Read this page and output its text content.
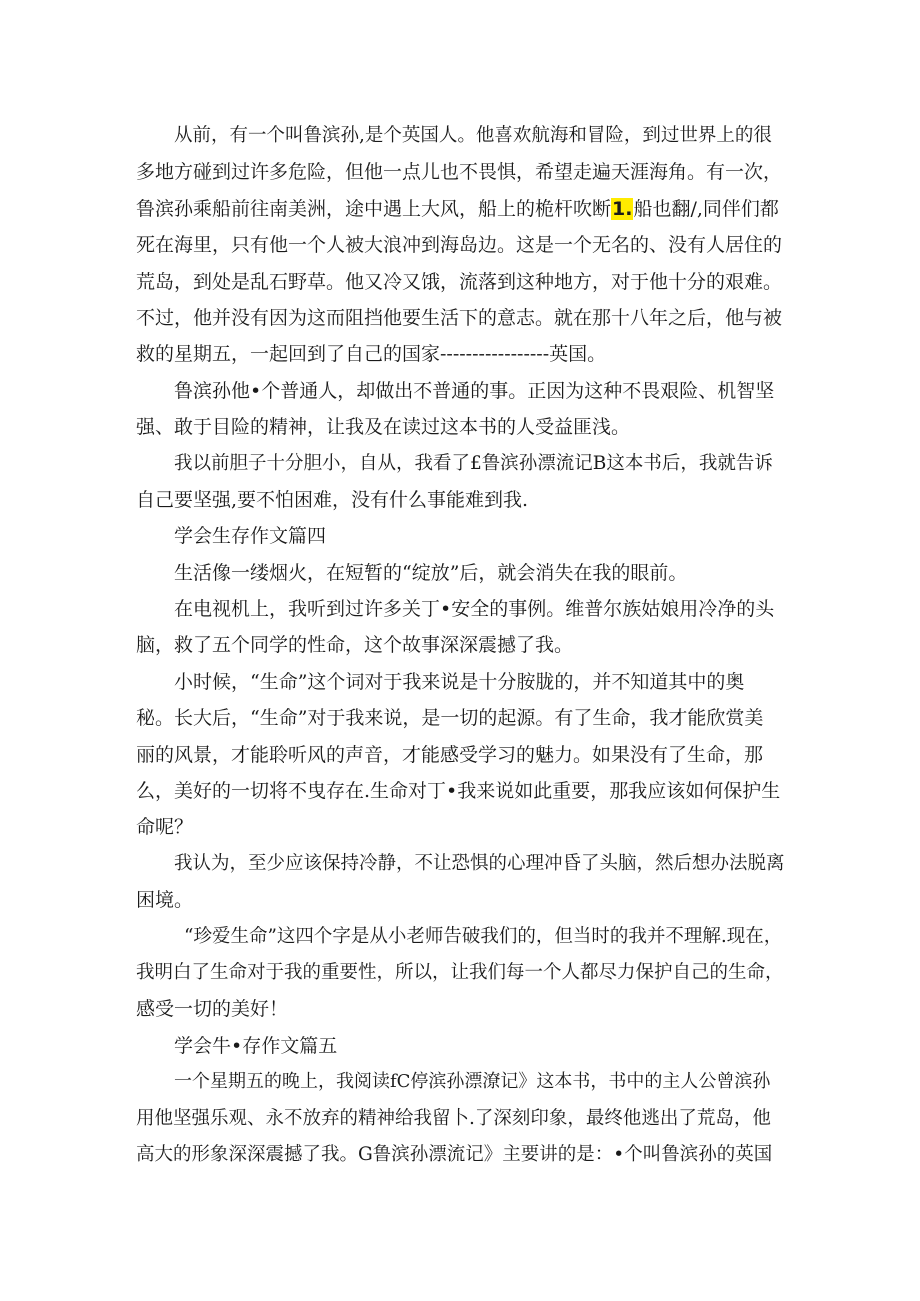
从前，有一个叫鲁滨孙,是个英国人。他喜欢航海和冒险，到过世界上的很
多地方碰到过许多危险，但他一点儿也不畏惧，希望走遍天涯海角。有一次，
鲁滨孙乘船前往南美洲，途中遇上大风，船上的桅杆吹断1.船也翻/,同伴们都
死在海里，只有他一个人被大浪冲到海岛边。这是一个无名的、没有人居住的
荒岛，到处是乱石野草。他又冷又饿，流落到这种地方，对于他十分的艰难。
不过，他并没有因为这而阻挡他要生活下的意志。就在那十八年之后，他与被
救的星期五，一起回到了自己的国家-----------------英国。
鲁滨孙他•个普通人，却做出不普通的事。正因为这种不畏艰险、机智坚
强、敢于目险的精神，让我及在读过这本书的人受益匪浅。
我以前胆子十分胆小，自从，我看了£鲁滨孙漂流记B这本书后，我就告诉
自己要坚强,要不怕困难，没有什么事能难到我.
学会生存作文篇四
生活像一缕烟火，在短暂的“绽放”后，就会消失在我的眼前。
在电视机上，我听到过许多关丁•安全的事例。维普尔族姑娘用冷净的头
脑，救了五个同学的性命，这个故事深深震撼了我。
小时候，“生命”这个词对于我来说是十分胺胧的，并不知道其中的奥
秘。长大后，“生命”对于我来说，是一切的起源。有了生命，我才能欣赏美
丽的风景，才能聆听风的声音，才能感受学习的魅力。如果没有了生命，那
么，美好的一切将不曳存在.生命对丁•我来说如此重要，那我应该如何保护生
命呢？
我认为，至少应该保持冷静，不让恐惧的心理冲昏了头脑，然后想办法脱离
困境。
“珍爱生命”这四个字是从小老师告破我们的，但当时的我并不理解.现在，
我明白了生命对于我的重要性，所以，让我们每一个人都尽力保护自己的生命，
感受一切的美好！
学会牛•存作文篇五
一个星期五的晚上，我阅读fC停滨孙漂潦记》这本书，书中的主人公曾滨孙
用他坚强乐观、永不放弃的精神给我留卜.了深刻印象，最终他逃出了荒岛，他
高大的形象深深震撼了我。G鲁滨孙漂流记》主要讲的是：•个叫鲁滨孙的英国
